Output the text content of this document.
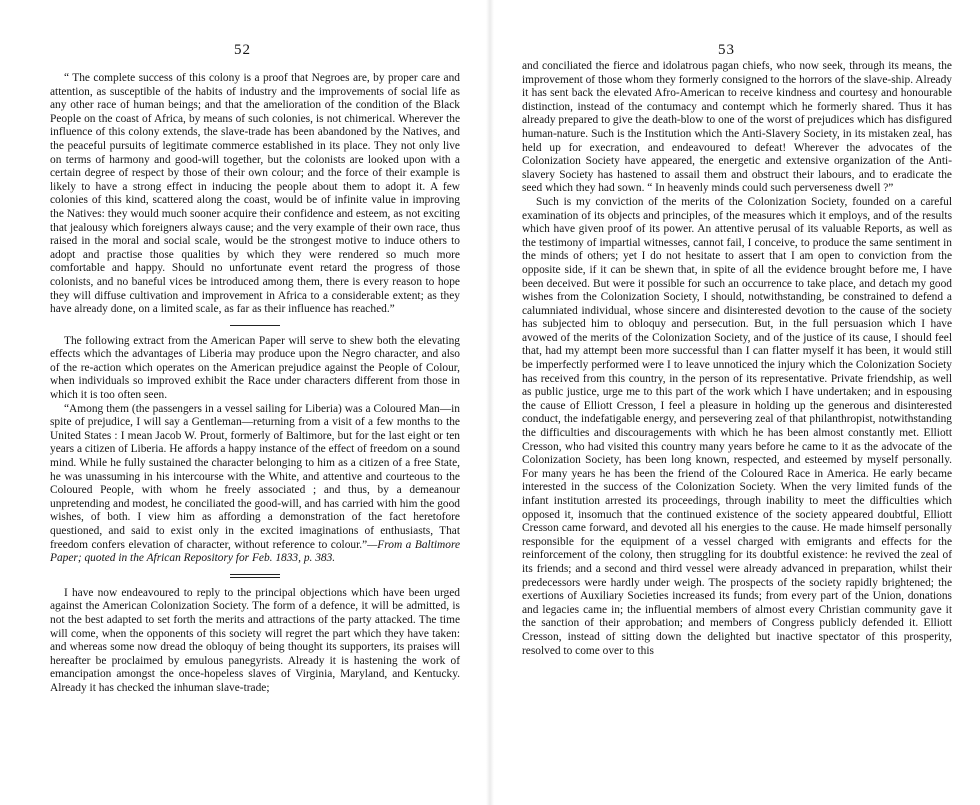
52

“ The complete success of this colony is a proof that Negroes are, by proper care and attention, as susceptible of the habits of industry and the improvements of social life as any other race of human beings; and that the amelioration of the condition of the Black People on the coast of Africa, by means of such colonies, is not chimerical. Wherever the influence of this colony extends, the slave-trade has been abandoned by the Natives, and the peaceful pursuits of legitimate commerce established in its place. They not only live on terms of harmony and good-will together, but the colonists are looked upon with a certain degree of respect by those of their own colour; and the force of their example is likely to have a strong effect in inducing the people about them to adopt it. A few colonies of this kind, scattered along the coast, would be of infinite value in improving the Natives: they would much sooner acquire their confidence and esteem, as not exciting that jealousy which foreigners always cause; and the very example of their own race, thus raised in the moral and social scale, would be the strongest motive to induce others to adopt and practise those qualities by which they were rendered so much more comfortable and happy. Should no unfortunate event retard the progress of those colonists, and no baneful vices be introduced among them, there is every reason to hope they will diffuse cultivation and improvement in Africa to a considerable extent; as they have already done, on a limited scale, as far as their influence has reached.”

The following extract from the American Paper will serve to shew both the elevating effects which the advantages of Liberia may produce upon the Negro character, and also of the re-action which operates on the American prejudice against the People of Colour, when individuals so improved exhibit the Race under characters different from those in which it is too often seen.

“Among them (the passengers in a vessel sailing for Liberia) was a Coloured Man—in spite of prejudice, I will say a Gentleman—returning from a visit of a few months to the United States : I mean Jacob W. Prout, formerly of Baltimore, but for the last eight or ten years a citizen of Liberia. He affords a happy instance of the effect of freedom on a sound mind. While he fully sustained the character belonging to him as a citizen of a free State, he was unassuming in his intercourse with the White, and attentive and courteous to the Coloured People, with whom he freely associated ; and thus, by a demeanour unpretending and modest, he conciliated the good-will, and has carried with him the good wishes, of both. I view him as affording a demonstration of the fact heretofore questioned, and said to exist only in the excited imaginations of enthusiasts, That freedom confers elevation of character, without reference to colour.”—From a Baltimore Paper; quoted in the African Repository for Feb. 1833, p. 383.

I have now endeavoured to reply to the principal objections which have been urged against the American Colonization Society. The form of a defence, it will be admitted, is not the best adapted to set forth the merits and attractions of the party attacked. The time will come, when the opponents of this society will regret the part which they have taken: and whereas some now dread the obloquy of being thought its supporters, its praises will hereafter be proclaimed by emulous panegyrists. Already it is hastening the work of emancipation amongst the once-hopeless slaves of Virginia, Maryland, and Kentucky. Already it has checked the inhuman slave-trade;

53

and conciliated the fierce and idolatrous pagan chiefs, who now seek, through its means, the improvement of those whom they formerly consigned to the horrors of the slave-ship. Already it has sent back the elevated Afro-American to receive kindness and courtesy and honourable distinction, instead of the contumacy and contempt which he formerly shared. Thus it has already prepared to give the death-blow to one of the worst of prejudices which has disfigured human-nature. Such is the Institution which the Anti-Slavery Society, in its mistaken zeal, has held up for execration, and endeavoured to defeat! Wherever the advocates of the Colonization Society have appeared, the energetic and extensive organization of the Anti-slavery Society has hastened to assail them and obstruct their labours, and to eradicate the seed which they had sown. “ In heavenly minds could such perverseness dwell ?”

Such is my conviction of the merits of the Colonization Society, founded on a careful examination of its objects and principles, of the measures which it employs, and of the results which have given proof of its power. An attentive perusal of its valuable Reports, as well as the testimony of impartial witnesses, cannot fail, I conceive, to produce the same sentiment in the minds of others; yet I do not hesitate to assert that I am open to conviction from the opposite side, if it can be shewn that, in spite of all the evidence brought before me, I have been deceived. But were it possible for such an occurrence to take place, and detach my good wishes from the Colonization Society, I should, notwithstanding, be constrained to defend a calumniated individual, whose sincere and disinterested devotion to the cause of the society has subjected him to obloquy and persecution. But, in the full persuasion which I have avowed of the merits of the Colonization Society, and of the justice of its cause, I should feel that, had my attempt been more successful than I can flatter myself it has been, it would still be imperfectly performed were I to leave unnoticed the injury which the Colonization Society has received from this country, in the person of its representative. Private friendship, as well as public justice, urge me to this part of the work which I have undertaken; and in espousing the cause of Elliott Cresson, I feel a pleasure in holding up the generous and disinterested conduct, the indefatigable energy, and persevering zeal of that philanthropist, notwithstanding the difficulties and discouragements with which he has been almost constantly met. Elliott Cresson, who had visited this country many years before he came to it as the advocate of the Colonization Society, has been long known, respected, and esteemed by myself personally. For many years he has been the friend of the Coloured Race in America. He early became interested in the success of the Colonization Society. When the very limited funds of the infant institution arrested its proceedings, through inability to meet the difficulties which opposed it, insomuch that the continued existence of the society appeared doubtful, Elliott Cresson came forward, and devoted all his energies to the cause. He made himself personally responsible for the equipment of a vessel charged with emigrants and effects for the reinforcement of the colony, then struggling for its doubtful existence: he revived the zeal of its friends; and a second and third vessel were already advanced in preparation, whilst their predecessors were hardly under weigh. The prospects of the society rapidly brightened; the exertions of Auxiliary Societies increased its funds; from every part of the Union, donations and legacies came in; the influential members of almost every Christian community gave it the sanction of their approbation; and members of Congress publicly defended it. Elliott Cresson, instead of sitting down the delighted but inactive spectator of this prosperity, resolved to come over to this
